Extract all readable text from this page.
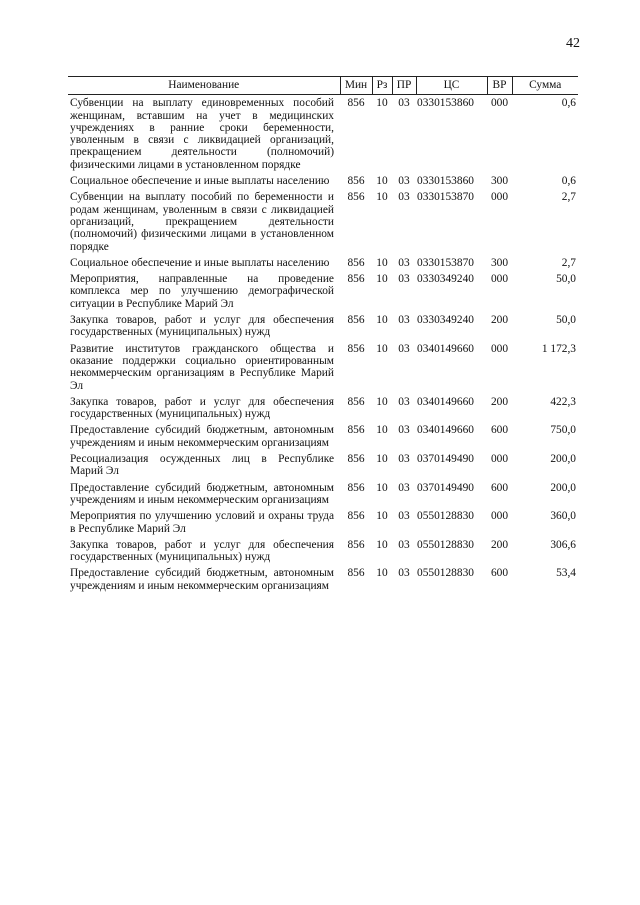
42
Наименование	Мин	Рз	ПР	ЦС	ВР	Сумма
Субвенции на выплату единовременных пособий женщинам, вставшим на учет в медицинских учреждениях в ранние сроки беременности, уволенным в связи с ликвидацией организаций, прекращением деятельности (полномочий) физическими лицами в установленном порядке	856	10	03	0330153860	000	0,6
Социальное обеспечение и иные выплаты населению	856	10	03	0330153860	300	0,6
Субвенции на выплату пособий по беременности и родам женщинам, уволенным в связи с ликвидацией организаций, прекращением деятельности (полномочий) физическими лицами в установленном порядке	856	10	03	0330153870	000	2,7
Социальное обеспечение и иные выплаты населению	856	10	03	0330153870	300	2,7
Мероприятия, направленные на проведение комплекса мер по улучшению демографической ситуации в Республике Марий Эл	856	10	03	0330349240	000	50,0
Закупка товаров, работ и услуг для обеспечения государственных (муниципальных) нужд	856	10	03	0330349240	200	50,0
Развитие институтов гражданского общества и оказание поддержки социально ориентированным некоммерческим организациям в Республике Марий Эл	856	10	03	0340149660	000	1 172,3
Закупка товаров, работ и услуг для обеспечения государственных (муниципальных) нужд	856	10	03	0340149660	200	422,3
Предоставление субсидий бюджетным, автономным учреждениям и иным некоммерческим организациям	856	10	03	0340149660	600	750,0
Ресоциализация осужденных лиц в Республике Марий Эл	856	10	03	0370149490	000	200,0
Предоставление субсидий бюджетным, автономным учреждениям и иным некоммерческим организациям	856	10	03	0370149490	600	200,0
Мероприятия по улучшению условий и охраны труда в Республике Марий Эл	856	10	03	0550128830	000	360,0
Закупка товаров, работ и услуг для обеспечения государственных (муниципальных) нужд	856	10	03	0550128830	200	306,6
Предоставление субсидий бюджетным, автономным учреждениям и иным некоммерческим организациям	856	10	03	0550128830	600	53,4
